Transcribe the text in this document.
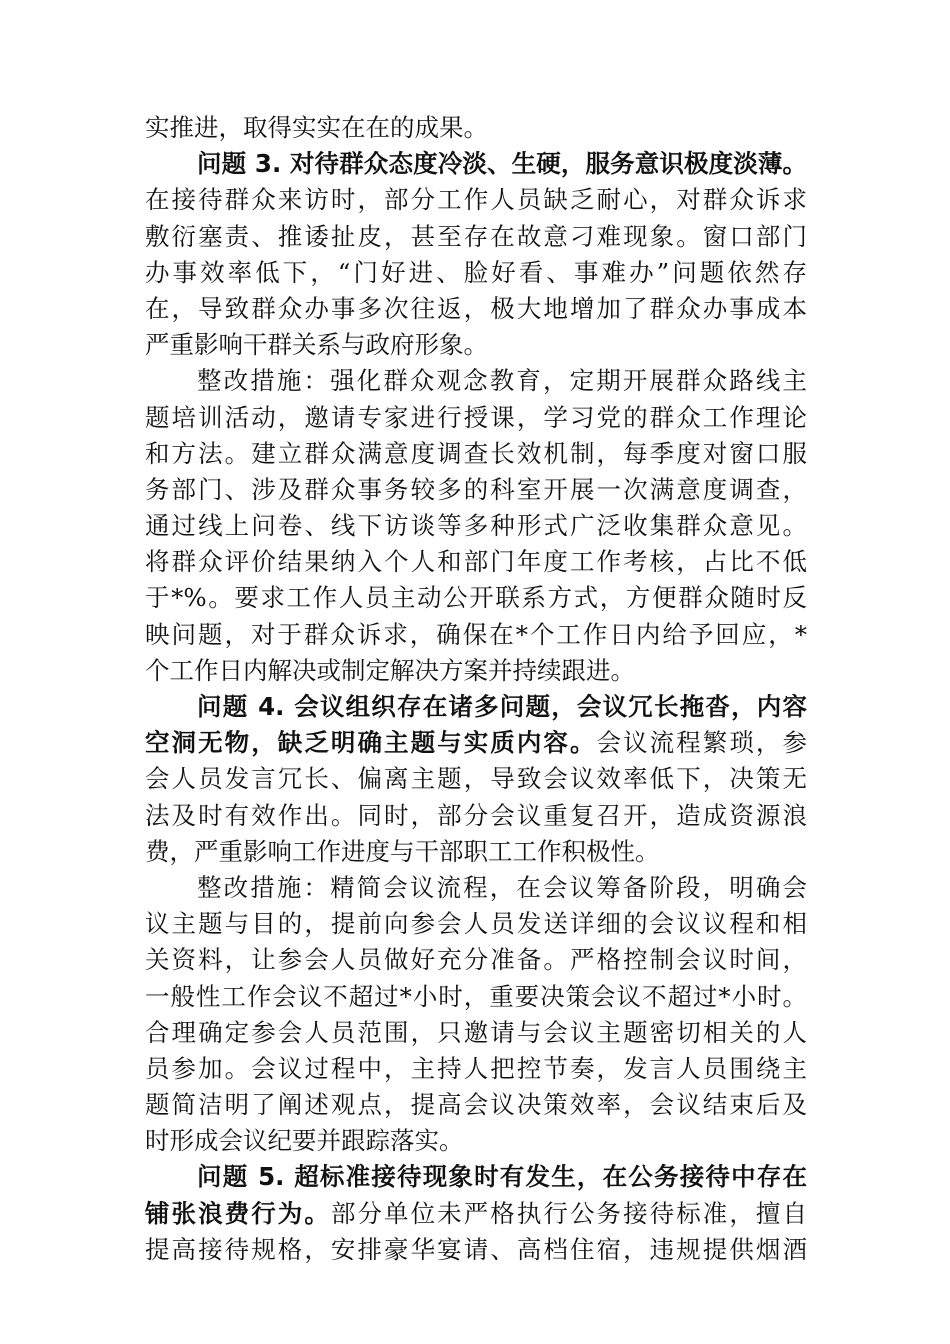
实推进，取得实实在在的成果。
问题 3. 对待群众态度冷淡、生硬，服务意识极度淡薄。
在接待群众来访时，部分工作人员缺乏耐心，对群众诉求
敷衍塞责、推诿扯皮，甚至存在故意刁难现象。窗口部门
办事效率低下，“门好进、脸好看、事难办”问题依然存
在，导致群众办事多次往返，极大地增加了群众办事成本
严重影响干群关系与政府形象。
整改措施：强化群众观念教育，定期开展群众路线主
题培训活动，邀请专家进行授课，学习党的群众工作理论
和方法。建立群众满意度调查长效机制，每季度对窗口服
务部门、涉及群众事务较多的科室开展一次满意度调查，
通过线上问卷、线下访谈等多种形式广泛收集群众意见。
将群众评价结果纳入个人和部门年度工作考核，占比不低
于*%。要求工作人员主动公开联系方式，方便群众随时反
映问题，对于群众诉求，确保在*个工作日内给予回应，*
个工作日内解决或制定解决方案并持续跟进。
问题 4. 会议组织存在诸多问题，会议冗长拖沓，内容
空洞无物，缺乏明确主题与实质内容。会议流程繁琐，参
会人员发言冗长、偏离主题，导致会议效率低下，决策无
法及时有效作出。同时，部分会议重复召开，造成资源浪
费，严重影响工作进度与干部职工工作积极性。
整改措施：精简会议流程，在会议筹备阶段，明确会
议主题与目的，提前向参会人员发送详细的会议议程和相
关资料，让参会人员做好充分准备。严格控制会议时间，
一般性工作会议不超过*小时，重要决策会议不超过*小时。
合理确定参会人员范围，只邀请与会议主题密切相关的人
员参加。会议过程中，主持人把控节奏，发言人员围绕主
题简洁明了阐述观点，提高会议决策效率，会议结束后及
时形成会议纪要并跟踪落实。
问题 5. 超标准接待现象时有发生，在公务接待中存在
铺张浪费行为。部分单位未严格执行公务接待标准，擅自
提高接待规格，安排豪华宴请、高档住宿，违规提供烟酒
